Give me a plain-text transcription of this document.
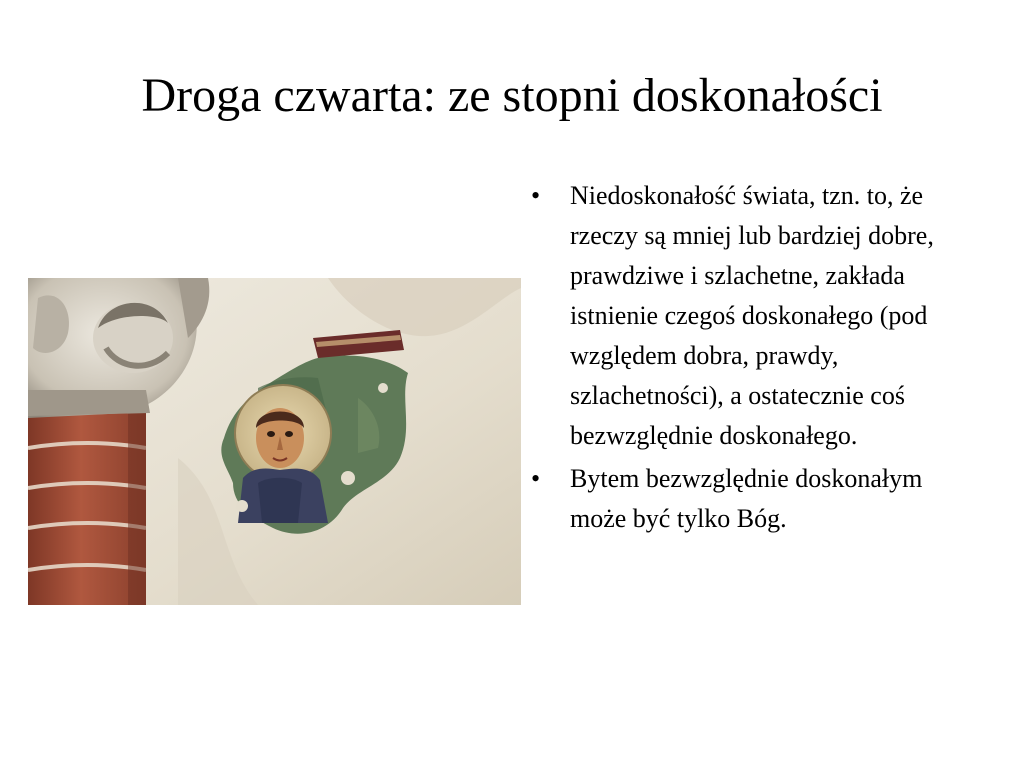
Droga czwarta: ze stopni doskonałości
• Niedoskonałość świata, tzn. to, że rzeczy są mniej lub bardziej dobre, prawdziwe i szlachetne, zakłada istnienie czegoś doskonałego (pod względem dobra, prawdy, szlachetności), a ostatecznie coś bezwzględnie doskonałego.
• Bytem bezwzględnie doskonałym może być tylko Bóg.
